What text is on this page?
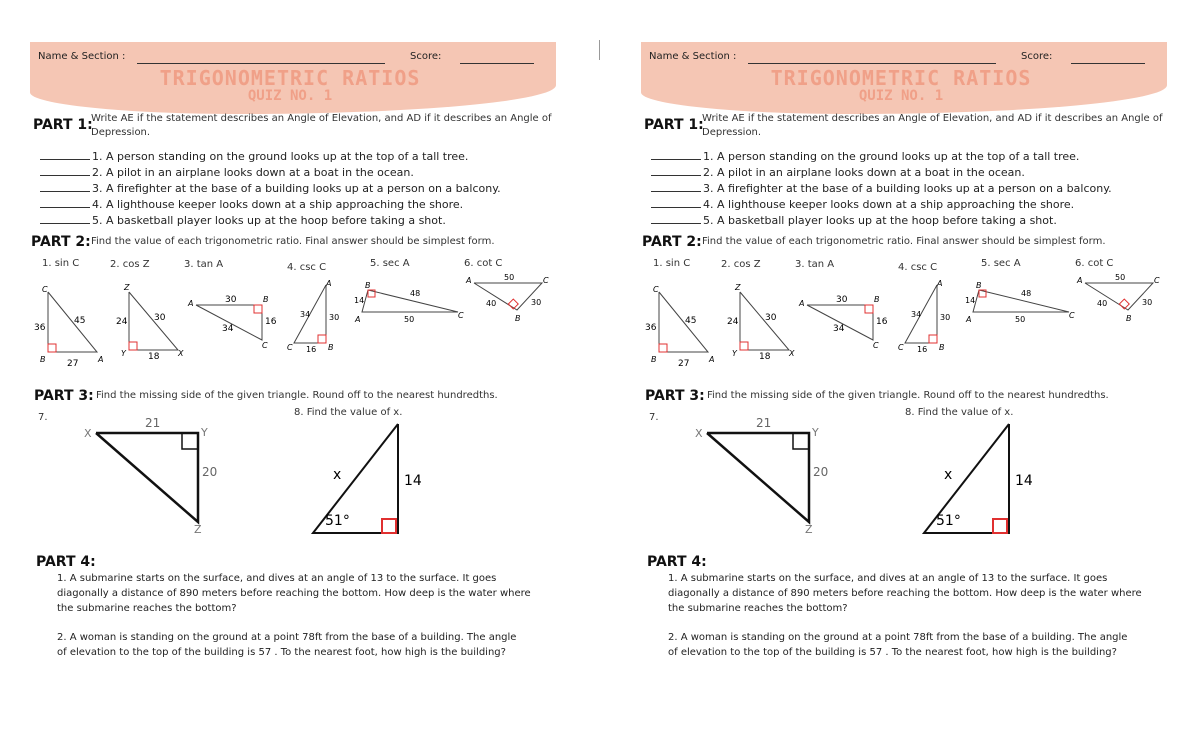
Name & Section :	Score:
TRIGONOMETRIC RATIOS
QUIZ NO. 1
PART 1:
Write AE if the statement describes an Angle of Elevation, and AD if it describes an Angle of
Depression.
1. A person standing on the ground looks up at the top of a tall tree.
2. A pilot in an airplane looks down at a boat in the ocean.
3. A firefighter at the base of a building looks up at a person on a balcony.
4. A lighthouse keeper looks down at a ship approaching the shore.
5. A basketball player looks up at the hoop before taking a shot.
PART 2: Find the value of each trigonometric ratio. Final answer should be simplest form.
1. sin C	2. cos Z	3. tan A	4. csc C	5. sec A	6. cot C
C
B	A
36
45
27
Z
Y	X
24	30
18
A	B
C
30
34
16
A
C	B
34 30
16
B
A	C
14
48
50
A	C
B
50
40	30
X	Y
Z
21
20	x	14
51°
PART 3: Find the missing side of the given triangle. Round off to the nearest hundredths.
7.	8. Find the value of x.
PART 4:
1. A submarine starts on the surface, and dives at an angle of 13 to the surface. It goes diagonally a distance of 890 meters before reaching the bottom. How deep is the water where the submarine reaches the bottom?
2. A woman is standing on the ground at a point 78ft from the base of a building. The angle of elevation to the top of the building is 57 . To the nearest foot, how high is the building?
Name & Section :	Score:
TRIGONOMETRIC RATIOS
QUIZ NO. 1
PART 1:
Write AE if the statement describes an Angle of Elevation, and AD if it describes an Angle of
Depression.
1. A person standing on the ground looks up at the top of a tall tree.
2. A pilot in an airplane looks down at a boat in the ocean.
3. A firefighter at the base of a building looks up at a person on a balcony.
4. A lighthouse keeper looks down at a ship approaching the shore.
5. A basketball player looks up at the hoop before taking a shot.
PART 2: Find the value of each trigonometric ratio. Final answer should be simplest form.
1. sin C	2. cos Z	3. tan A	4. csc C	5. sec A	6. cot C
C
B	A
36
45
27
Z
Y	X
24	30
18
A	B
C
30
34
16
A
C	B
34 30
16
B
A	C
14
48
50
A	C
B
50
40	30
X	Y
Z
21
20	x	14
51°
PART 3: Find the missing side of the given triangle. Round off to the nearest hundredths.
7.	8. Find the value of x.
PART 4:
1. A submarine starts on the surface, and dives at an angle of 13 to the surface. It goes diagonally a distance of 890 meters before reaching the bottom. How deep is the water where the submarine reaches the bottom?
2. A woman is standing on the ground at a point 78ft from the base of a building. The angle of elevation to the top of the building is 57 . To the nearest foot, how high is the building?
